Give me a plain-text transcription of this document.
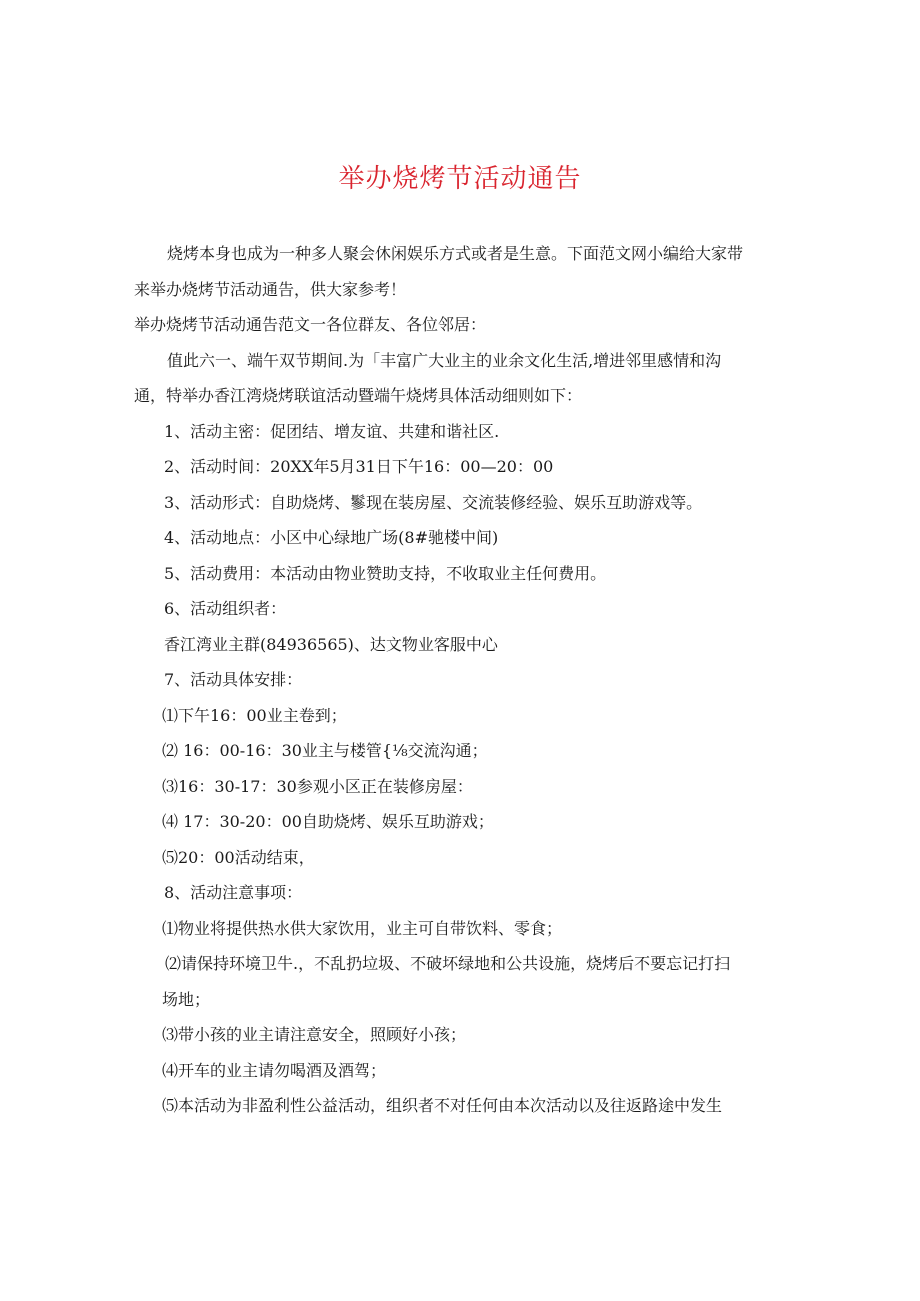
举办烧烤节活动通告

烧烤本身也成为一种多人聚会休闲娱乐方式或者是生意。下面范文网小编给大家带

来举办烧烤节活动通告，供大家参考！

举办烧烤节活动通告范文一各位群友、各位邻居：

值此六一、端午双节期间.为「丰富广大业主的业余文化生活,增进邻里感情和沟

通，特举办香江湾烧烤联谊活动暨端午烧烤具体活动细则如下：

1、活动主密：促团结、增友谊、共建和谐社区.

2、活动时间：20XX年5月31日下午16：00—20：00

3、活动形式：自助烧烤、鬖现在装房屋、交流装修经验、娱乐互助游戏等。

4、活动地点：小区中心绿地广场(8#驰楼中间)

5、活动费用：本活动由物业赞助支持，不收取业主任何费用。

6、活动组织者：

香江湾业主群(84936565)、达文物业客服中心

7、活动具体安排：

⑴下午16：00业主卷到；

⑵ 16：00-16：30业主与楼管{⅛交流沟通；

⑶16：30-17：30参观小区正在装修房屋：

⑷ 17：30-20：00自助烧烤、娱乐互助游戏；

⑸20：00活动结束，

8、活动注意事项：

⑴物业将提供热水供大家饮用，业主可自带饮料、零食；

⑵请保持环境卫牛.，不乱扔垃圾、不破坏绿地和公共设施，烧烤后不要忘记打扫

场地；

⑶带小孩的业主请注意安全，照顾好小孩；

⑷开车的业主请勿喝酒及酒驾；

⑸本活动为非盈利性公益活动，组织者不对任何由本次活动以及往返路途中发生
